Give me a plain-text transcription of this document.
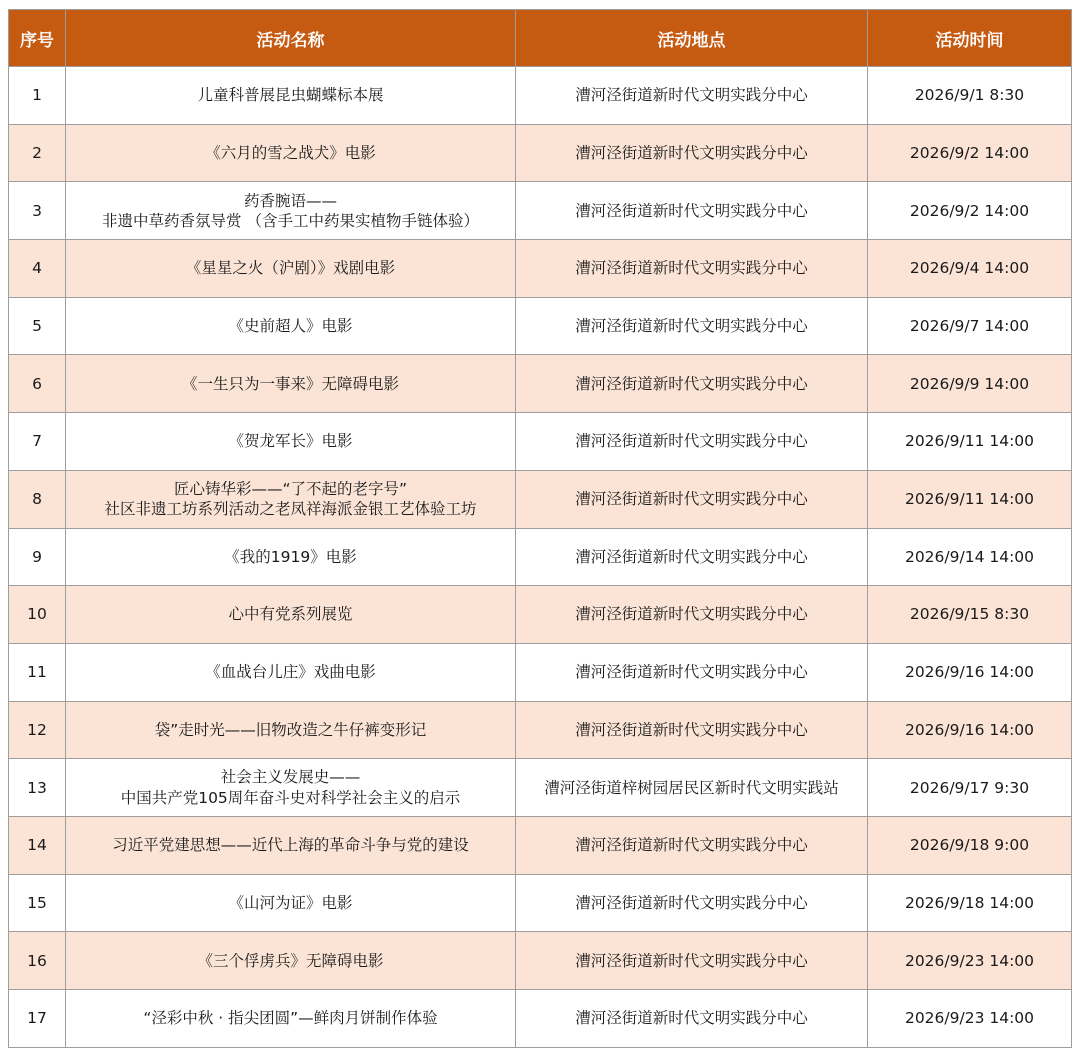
序号	活动名称	活动地点	活动时间
1	儿童科普展昆虫蝴蝶标本展	漕河泾街道新时代文明实践分中心	2026/9/1 8:30
2	《六月的雪之战犬》电影	漕河泾街道新时代文明实践分中心	2026/9/2 14:00
3	药香腕语——
非遗中草药香氛导赏 （含手工中药果实植物手链体验）	漕河泾街道新时代文明实践分中心	2026/9/2 14:00
4	《星星之火（沪剧）》戏剧电影	漕河泾街道新时代文明实践分中心	2026/9/4 14:00
5	《史前超人》电影	漕河泾街道新时代文明实践分中心	2026/9/7 14:00
6	《一生只为一事来》无障碍电影	漕河泾街道新时代文明实践分中心	2026/9/9 14:00
7	《贺龙军长》电影	漕河泾街道新时代文明实践分中心	2026/9/11 14:00
8	匠心铸华彩——“了不起的老字号”
社区非遗工坊系列活动之老凤祥海派金银工艺体验工坊	漕河泾街道新时代文明实践分中心	2026/9/11 14:00
9	《我的1919》电影	漕河泾街道新时代文明实践分中心	2026/9/14 14:00
10	心中有党系列展览	漕河泾街道新时代文明实践分中心	2026/9/15 8:30
11	《血战台儿庄》戏曲电影	漕河泾街道新时代文明实践分中心	2026/9/16 14:00
12	袋”走时光——旧物改造之牛仔裤变形记	漕河泾街道新时代文明实践分中心	2026/9/16 14:00
13	社会主义发展史——
中国共产党105周年奋斗史对科学社会主义的启示	漕河泾街道梓树园居民区新时代文明实践站	2026/9/17 9:30
14	习近平党建思想——近代上海的革命斗争与党的建设	漕河泾街道新时代文明实践分中心	2026/9/18 9:00
15	《山河为证》电影	漕河泾街道新时代文明实践分中心	2026/9/18 14:00
16	《三个俘虏兵》无障碍电影	漕河泾街道新时代文明实践分中心	2026/9/23 14:00
17	“泾彩中秋 · 指尖团圆”—鲜肉月饼制作体验	漕河泾街道新时代文明实践分中心	2026/9/23 14:00
